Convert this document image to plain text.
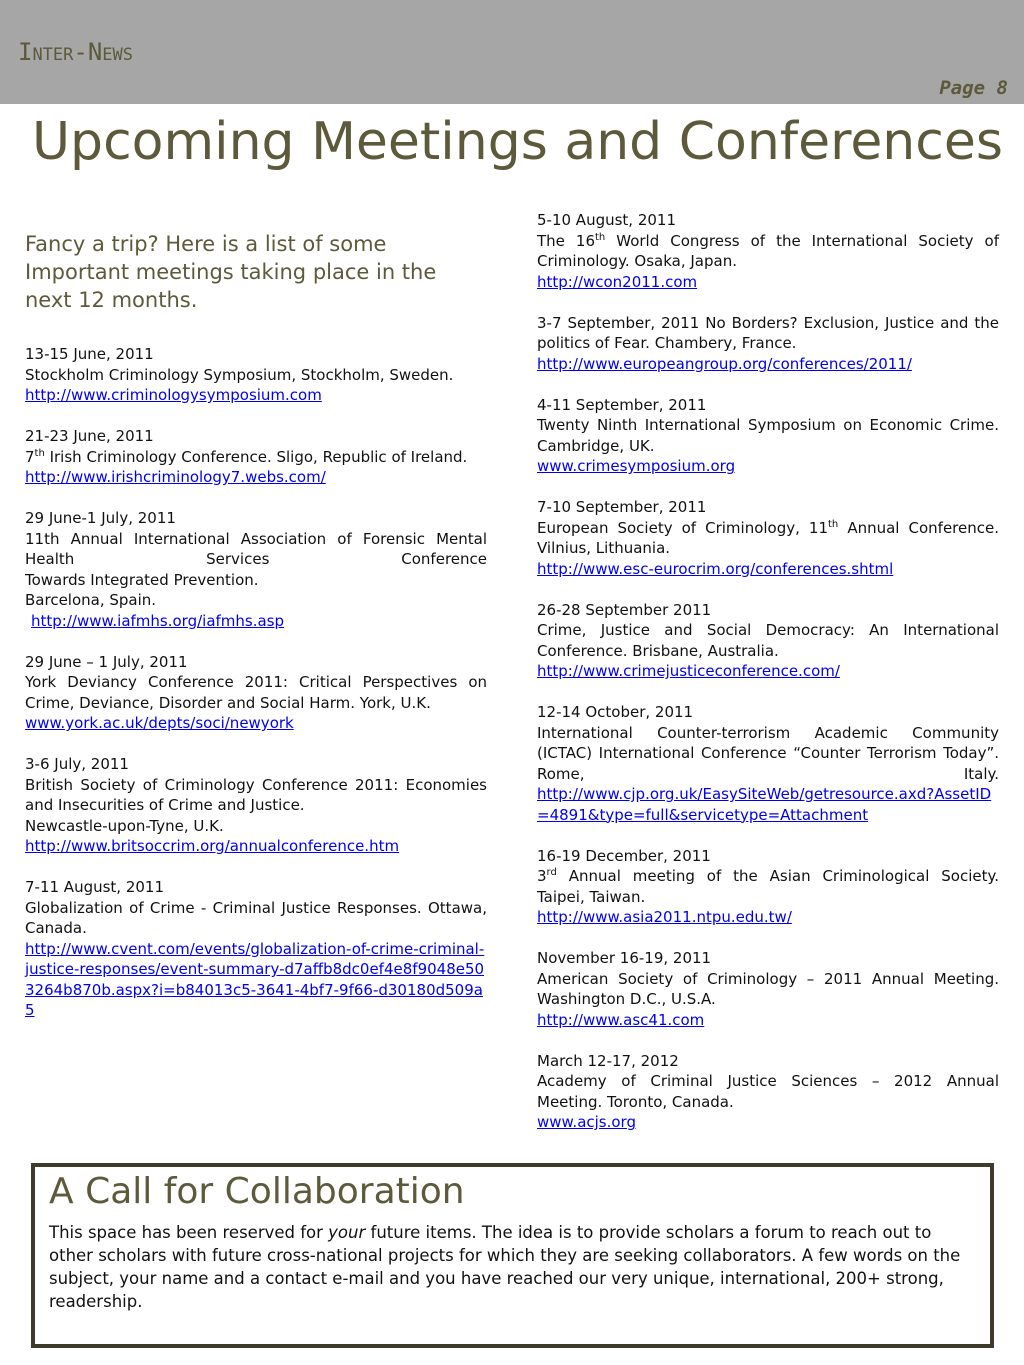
Inter-News
Page 8
Upcoming Meetings and Conferences

Fancy a trip? Here is a list of some Important meetings taking place in the next 12 months.

13-15 June, 2011

Stockholm Criminology Symposium, Stockholm, Sweden.

http://www.criminologysymposium.com

21-23 June, 2011

7th Irish Criminology Conference. Sligo, Republic of Ireland.

http://www.irishcriminology7.webs.com/

29 June-1 July, 2011

11th Annual International Association of Forensic Mental Health Services Conference

Towards Integrated Prevention.

Barcelona, Spain.

http://www.iafmhs.org/iafmhs.asp

29 June – 1 July, 2011

York Deviancy Conference 2011: Critical Perspectives on Crime, Deviance, Disorder and Social Harm. York, U.K.

www.york.ac.uk/depts/soci/newyork

3-6 July, 2011

British Society of Criminology Conference 2011: Economies and Insecurities of Crime and Justice.

Newcastle-upon-Tyne, U.K.

http://www.britsoccrim.org/annualconference.htm

7-11 August, 2011

Globalization of Crime - Criminal Justice Responses. Ottawa, Canada.

http://www.cvent.com/events/globalization-of-crime-criminal-justice-responses/event-summary-d7affb8dc0ef4e8f9048e503264b870b.aspx?i=b84013c5-3641-4bf7-9f66-d30180d509a5

5-10 August, 2011

The 16th World Congress of the International Society of Criminology. Osaka, Japan.

http://wcon2011.com

3-7 September, 2011 No Borders? Exclusion, Justice and the politics of Fear. Chambery, France.

http://www.europeangroup.org/conferences/2011/

4-11 September, 2011

Twenty Ninth International Symposium on Economic Crime. Cambridge, UK.

www.crimesymposium.org

7-10 September, 2011

European Society of Criminology, 11th Annual Conference. Vilnius, Lithuania.

http://www.esc-eurocrim.org/conferences.shtml

26-28 September 2011

Crime, Justice and Social Democracy: An International Conference. Brisbane, Australia.

http://www.crimejusticeconference.com/

12-14 October, 2011

International Counter-terrorism Academic Community (ICTAC) International Conference “Counter Terrorism Today”. Rome, Italy.

http://www.cjp.org.uk/EasySiteWeb/getresource.axd?AssetID=4891&type=full&servicetype=Attachment

16-19 December, 2011

3rd Annual meeting of the Asian Criminological Society. Taipei, Taiwan.

http://www.asia2011.ntpu.edu.tw/

November 16-19, 2011

American Society of Criminology – 2011 Annual Meeting. Washington D.C., U.S.A.

http://www.asc41.com

March 12-17, 2012

Academy of Criminal Justice Sciences – 2012 Annual Meeting. Toronto, Canada.

www.acjs.org
A Call for Collaboration

This space has been reserved for your future items. The idea is to provide scholars a forum to reach out to other scholars with future cross-national projects for which they are seeking collaborators. A few words on the subject, your name and a contact e-mail and you have reached our very unique, international, 200+ strong, readership.
